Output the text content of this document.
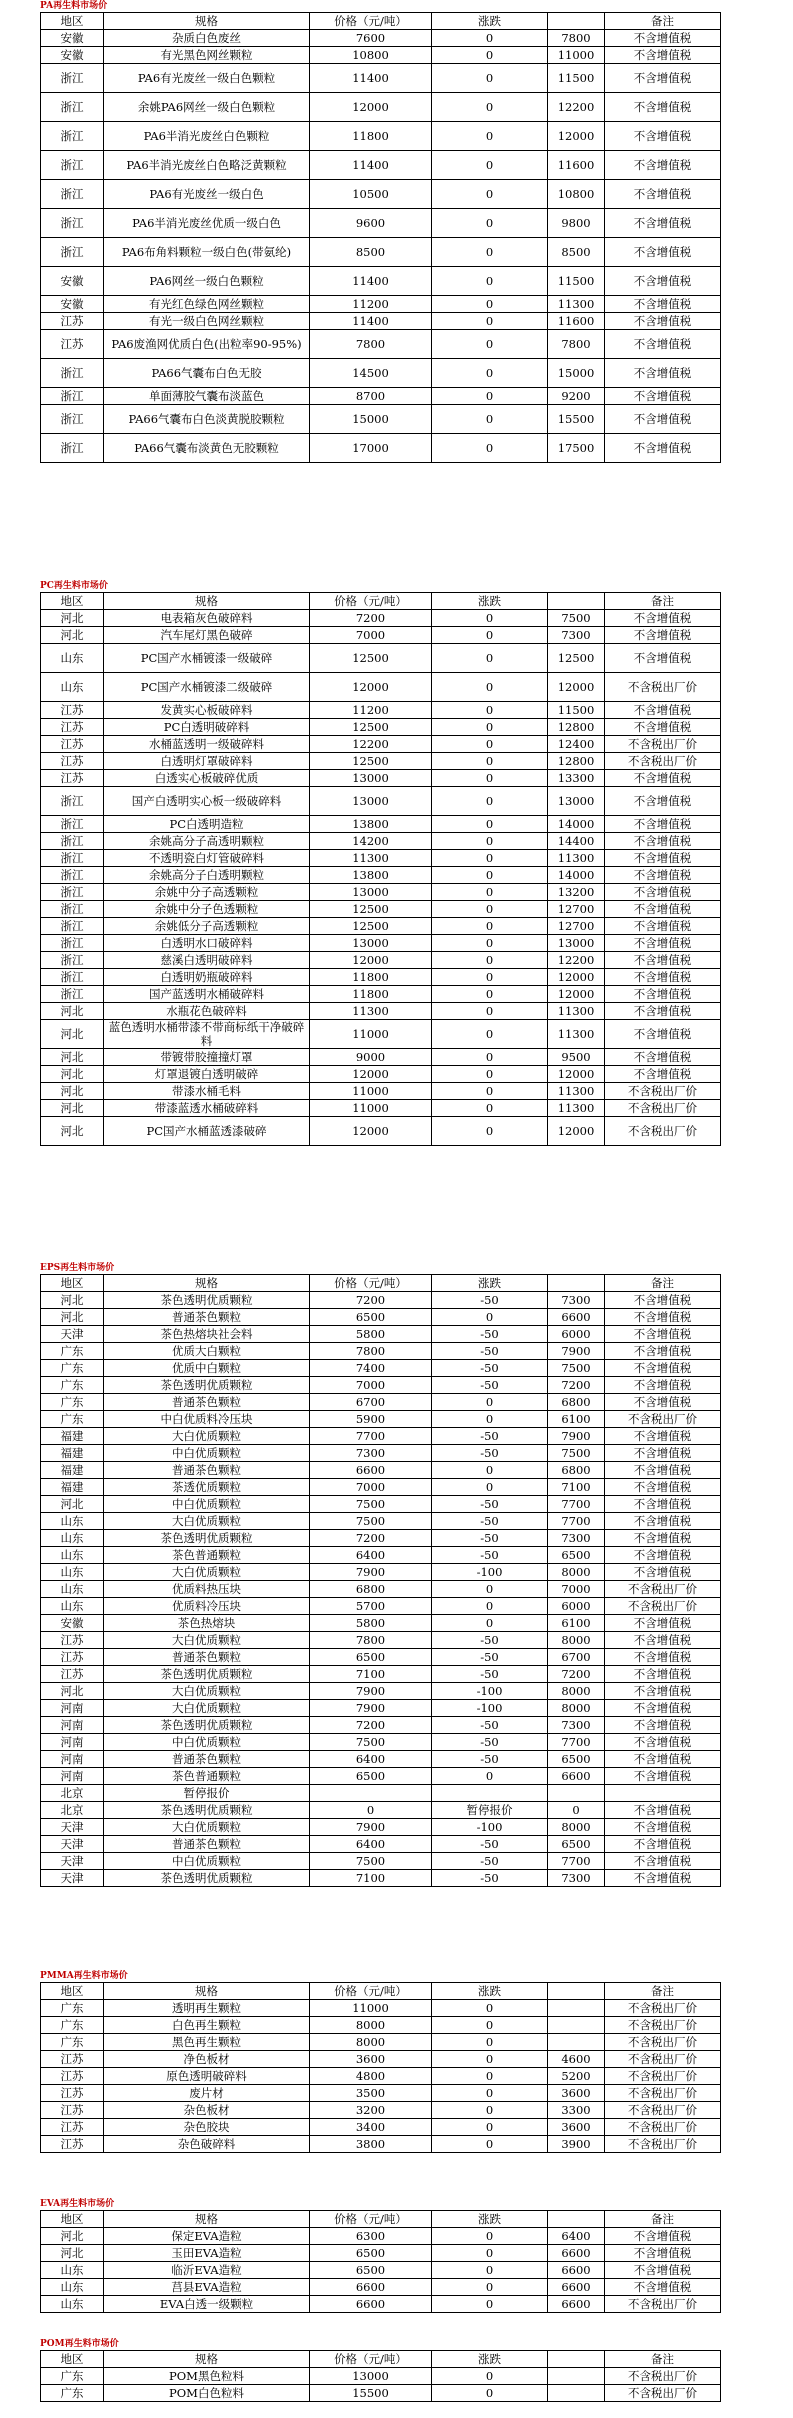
PA再生料市场价
地区	规格	价格（元/吨）	涨跌		备注
安徽	杂质白色废丝	7600	0	7800	不含增值税
安徽	有光黑色网丝颗粒	10800	0	11000	不含增值税
浙江	PA6有光废丝一级白色颗粒	11400	0	11500	不含增值税
浙江	余姚PA6网丝一级白色颗粒	12000	0	12200	不含增值税
浙江	PA6半消光废丝白色颗粒	11800	0	12000	不含增值税
浙江	PA6半消光废丝白色略泛黄颗粒	11400	0	11600	不含增值税
浙江	PA6有光废丝一级白色	10500	0	10800	不含增值税
浙江	PA6半消光废丝优质一级白色	9600	0	9800	不含增值税
浙江	PA6布角料颗粒一级白色(带氨纶)	8500	0	8500	不含增值税
安徽	PA6网丝一级白色颗粒	11400	0	11500	不含增值税
安徽	有光红色绿色网丝颗粒	11200	0	11300	不含增值税
江苏	有光一级白色网丝颗粒	11400	0	11600	不含增值税
江苏	PA6废渔网优质白色(出粒率90-95%)	7800	0	7800	不含增值税
浙江	PA66气囊布白色无胶	14500	0	15000	不含增值税
浙江	单面薄胶气囊布淡蓝色	8700	0	9200	不含增值税
浙江	PA66气囊布白色淡黄脱胶颗粒	15000	0	15500	不含增值税
浙江	PA66气囊布淡黄色无胶颗粒	17000	0	17500	不含增值税
PC再生料市场价
地区	规格	价格（元/吨）	涨跌		备注
河北	电表箱灰色破碎料	7200	0	7500	不含增值税
河北	汽车尾灯黑色破碎	7000	0	7300	不含增值税
山东	PC国产水桶镀漆一级破碎	12500	0	12500	不含增值税
山东	PC国产水桶镀漆二级破碎	12000	0	12000	不含税出厂价
江苏	发黄实心板破碎料	11200	0	11500	不含增值税
江苏	PC白透明破碎料	12500	0	12800	不含增值税
江苏	水桶蓝透明一级破碎料	12200	0	12400	不含税出厂价
江苏	白透明灯罩破碎料	12500	0	12800	不含税出厂价
江苏	白透实心板破碎优质	13000	0	13300	不含增值税
浙江	国产白透明实心板一级破碎料	13000	0	13000	不含增值税
浙江	PC白透明造粒	13800	0	14000	不含增值税
浙江	余姚高分子高透明颗粒	14200	0	14400	不含增值税
浙江	不透明瓷白灯管破碎料	11300	0	11300	不含增值税
浙江	余姚高分子白透明颗粒	13800	0	14000	不含增值税
浙江	余姚中分子高透颗粒	13000	0	13200	不含增值税
浙江	余姚中分子色透颗粒	12500	0	12700	不含增值税
浙江	余姚低分子高透颗粒	12500	0	12700	不含增值税
浙江	白透明水口破碎料	13000	0	13000	不含增值税
浙江	慈溪白透明破碎料	12000	0	12200	不含增值税
浙江	白透明奶瓶破碎料	11800	0	12000	不含增值税
浙江	国产蓝透明水桶破碎料	11800	0	12000	不含增值税
河北	水瓶花色破碎料	11300	0	11300	不含增值税
河北	蓝色透明水桶带漆不带商标纸干净破碎料	11000	0	11300	不含增值税
河北	带镀带胶撞撞灯罩	9000	0	9500	不含增值税
河北	灯罩退镀白透明破碎	12000	0	12000	不含增值税
河北	带漆水桶毛料	11000	0	11300	不含税出厂价
河北	带漆蓝透水桶破碎料	11000	0	11300	不含税出厂价
河北	PC国产水桶蓝透漆破碎	12000	0	12000	不含税出厂价
EPS再生料市场价
地区	规格	价格（元/吨）	涨跌		备注
河北	茶色透明优质颗粒	7200	-50	7300	不含增值税
河北	普通茶色颗粒	6500	0	6600	不含增值税
天津	茶色热熔块社会料	5800	-50	6000	不含增值税
广东	优质大白颗粒	7800	-50	7900	不含增值税
广东	优质中白颗粒	7400	-50	7500	不含增值税
广东	茶色透明优质颗粒	7000	-50	7200	不含增值税
广东	普通茶色颗粒	6700	0	6800	不含增值税
广东	中白优质料冷压块	5900	0	6100	不含税出厂价
福建	大白优质颗粒	7700	-50	7900	不含增值税
福建	中白优质颗粒	7300	-50	7500	不含增值税
福建	普通茶色颗粒	6600	0	6800	不含增值税
福建	茶透优质颗粒	7000	0	7100	不含增值税
河北	中白优质颗粒	7500	-50	7700	不含增值税
山东	大白优质颗粒	7500	-50	7700	不含增值税
山东	茶色透明优质颗粒	7200	-50	7300	不含增值税
山东	茶色普通颗粒	6400	-50	6500	不含增值税
山东	大白优质颗粒	7900	-100	8000	不含增值税
山东	优质料热压块	6800	0	7000	不含税出厂价
山东	优质料冷压块	5700	0	6000	不含税出厂价
安徽	茶色热熔块	5800	0	6100	不含增值税
江苏	大白优质颗粒	7800	-50	8000	不含增值税
江苏	普通茶色颗粒	6500	-50	6700	不含增值税
江苏	茶色透明优质颗粒	7100	-50	7200	不含增值税
河北	大白优质颗粒	7900	-100	8000	不含增值税
河南	大白优质颗粒	7900	-100	8000	不含增值税
河南	茶色透明优质颗粒	7200	-50	7300	不含增值税
河南	中白优质颗粒	7500	-50	7700	不含增值税
河南	普通茶色颗粒	6400	-50	6500	不含增值税
河南	茶色普通颗粒	6500	0	6600	不含增值税
北京	暂停报价				
北京	茶色透明优质颗粒	0	暂停报价	0	不含增值税
天津	大白优质颗粒	7900	-100	8000	不含增值税
天津	普通茶色颗粒	6400	-50	6500	不含增值税
天津	中白优质颗粒	7500	-50	7700	不含增值税
天津	茶色透明优质颗粒	7100	-50	7300	不含增值税
PMMA再生料市场价
地区	规格	价格（元/吨）	涨跌		备注
广东	透明再生颗粒	11000	0		不含税出厂价
广东	白色再生颗粒	8000	0		不含税出厂价
广东	黑色再生颗粒	8000	0		不含税出厂价
江苏	净色板材	3600	0	4600	不含税出厂价
江苏	原色透明破碎料	4800	0	5200	不含税出厂价
江苏	废片材	3500	0	3600	不含税出厂价
江苏	杂色板材	3200	0	3300	不含税出厂价
江苏	杂色胶块	3400	0	3600	不含税出厂价
江苏	杂色破碎料	3800	0	3900	不含税出厂价
EVA再生料市场价
地区	规格	价格（元/吨）	涨跌		备注
河北	保定EVA造粒	6300	0	6400	不含增值税
河北	玉田EVA造粒	6500	0	6600	不含增值税
山东	临沂EVA造粒	6500	0	6600	不含增值税
山东	莒县EVA造粒	6600	0	6600	不含增值税
山东	EVA白透一级颗粒	6600	0	6600	不含税出厂价
POM再生料市场价
地区	规格	价格（元/吨）	涨跌		备注
广东	POM黑色粒料	13000	0		不含税出厂价
广东	POM白色粒料	15500	0		不含税出厂价
